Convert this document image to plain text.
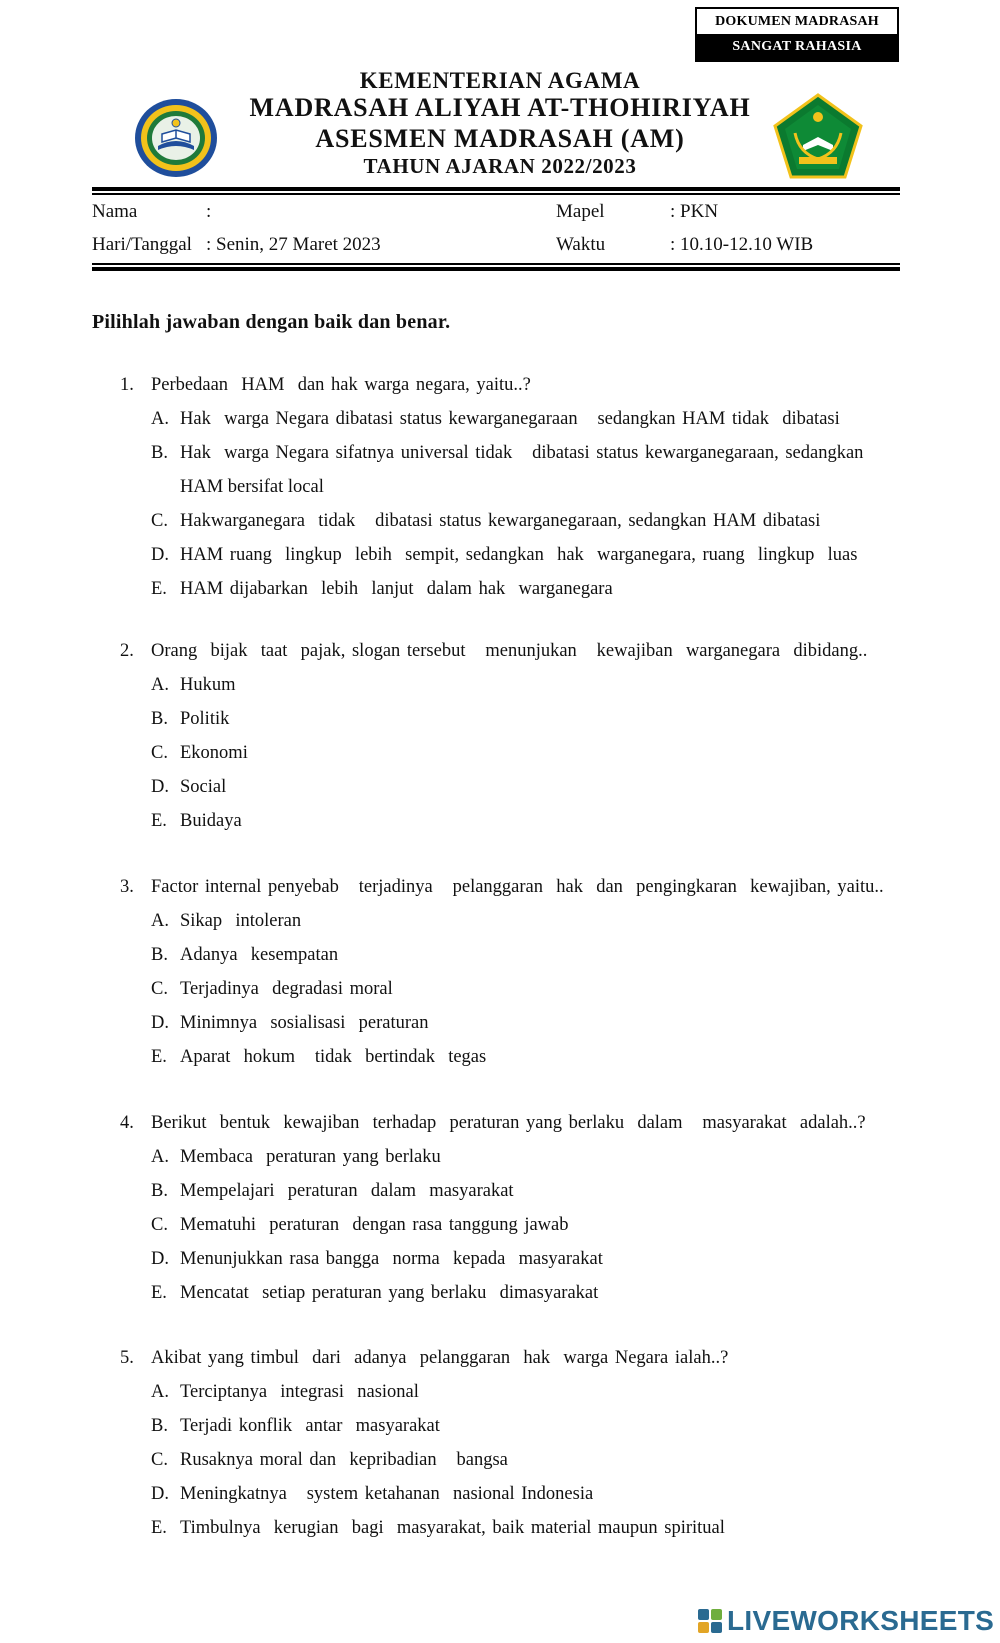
DOKUMEN MADRASAH
SANGAT RAHASIA
KEMENTERIAN AGAMA
MADRASAH ALIYAH AT-THOHIRIYAH
ASESMEN MADRASAH (AM)
TAHUN AJARAN 2022/2023
Nama	:	Mapel	: PKN
Hari/Tanggal : Senin, 27 Maret 2023	Waktu	: 10.10-12.10 WIB
Pilihlah jawaban dengan baik dan benar.
1. Perbedaan  HAM  dan hak warga negara, yaitu..?
A. Hak  warga Negara dibatasi status kewarganegaraan   sedangkan HAM tidak  dibatasi
B. Hak  warga Negara sifatnya universal tidak   dibatasi status kewarganegaraan, sedangkan
HAM bersifat local
C. Hakwarganegara  tidak   dibatasi status kewarganegaraan, sedangkan HAM dibatasi
D. HAM ruang  lingkup  lebih  sempit, sedangkan  hak  warganegara, ruang  lingkup  luas
E. HAM dijabarkan  lebih  lanjut  dalam hak  warganegara
2. Orang  bijak  taat  pajak, slogan tersebut   menunjukan   kewajiban  warganegara  dibidang..
A. Hukum
B. Politik
C. Ekonomi
D. Social
E. Buidaya
3. Factor internal penyebab   terjadinya   pelanggaran  hak  dan  pengingkaran  kewajiban, yaitu..
A. Sikap  intoleran
B. Adanya  kesempatan
C. Terjadinya  degradasi moral
D. Minimnya  sosialisasi  peraturan
E. Aparat  hokum   tidak  bertindak  tegas
4. Berikut  bentuk  kewajiban  terhadap  peraturan yang berlaku  dalam   masyarakat  adalah..?
A. Membaca  peraturan yang berlaku
B. Mempelajari  peraturan  dalam  masyarakat
C. Mematuhi  peraturan  dengan rasa tanggung jawab
D. Menunjukkan rasa bangga  norma  kepada  masyarakat
E. Mencatat  setiap peraturan yang berlaku  dimasyarakat
5. Akibat yang timbul  dari  adanya  pelanggaran  hak  warga Negara ialah..?
A. Terciptanya  integrasi  nasional
B. Terjadi konflik  antar  masyarakat
C. Rusaknya moral dan  kepribadian   bangsa
D. Meningkatnya   system ketahanan  nasional Indonesia
E. Timbulnya  kerugian  bagi  masyarakat, baik material maupun spiritual
LIVEWORKSHEETS
